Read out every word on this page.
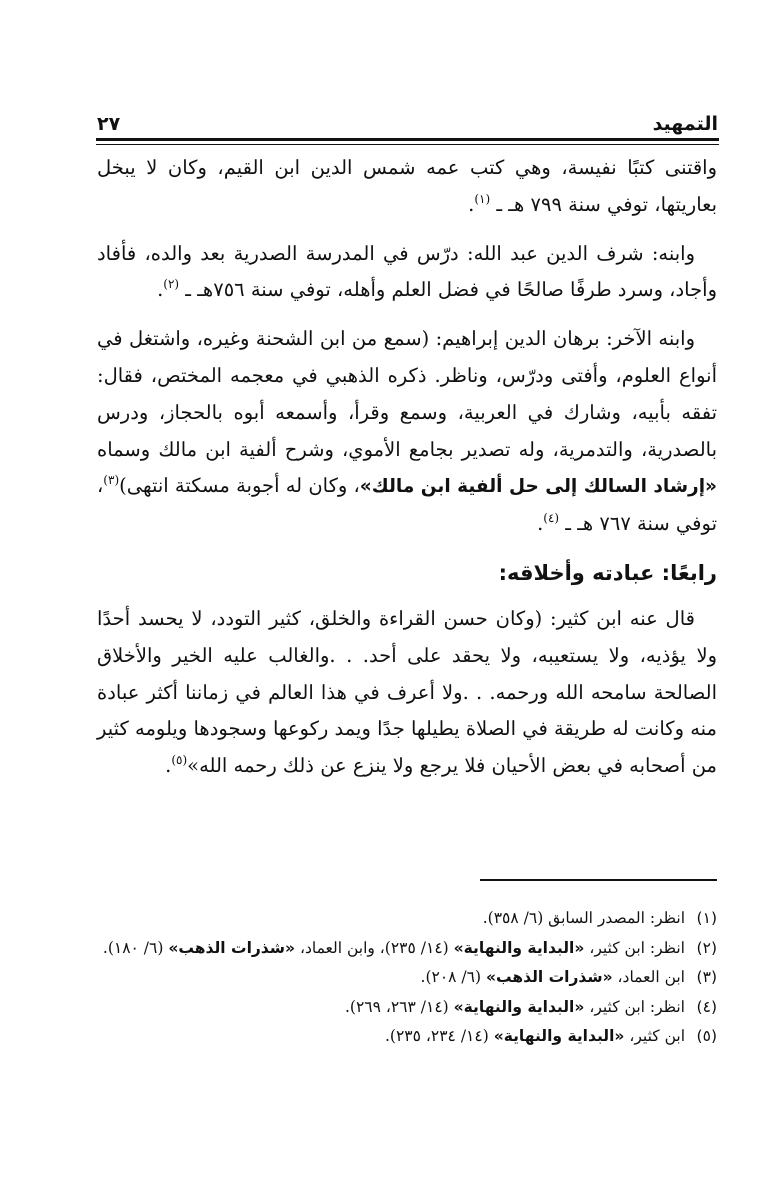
التمهيد
٢٧

واقتنى كتبًا نفيسة، وهي كتب عمه شمس الدين ابن القيم، وكان لا يبخل بعاريتها، توفي سنة ٧٩٩ هـ ـ $^{(١)}$.

وابنه: شرف الدين عبد الله: درّس في المدرسة الصدرية بعد والده، فأفاد وأجاد، وسرد طرفًا صالحًا في فضل العلم وأهله، توفي سنة ٧٥٦هـ ـ $^{(٢)}$.

وابنه الآخر: برهان الدين إبراهيم: (سمع من ابن الشحنة وغيره، واشتغل في أنواع العلوم، وأفتى ودرّس، وناظر. ذكره الذهبي في معجمه المختص، فقال: تفقه بأبيه، وشارك في العربية، وسمع وقرأ، وأسمعه أبوه بالحجاز، ودرس بالصدرية، والتدمرية، وله تصدير بجامع الأموي، وشرح ألفية ابن مالك وسماه «إرشاد السالك إلى حل ألفية ابن مالك»، وكان له أجوبة مسكتة انتهى)$^{(٣)}$، توفي سنة ٧٦٧ هـ ـ $^{(٤)}$.

رابعًا: عبادته وأخلاقه:

قال عنه ابن كثير: (وكان حسن القراءة والخلق، كثير التودد، لا يحسد أحدًا ولا يؤذيه، ولا يستعيبه، ولا يحقد على أحد. . .والغالب عليه الخير والأخلاق الصالحة سامحه الله ورحمه. . .ولا أعرف في هذا العالم في زماننا أكثر عبادة منه وكانت له طريقة في الصلاة يطيلها جدًا ويمد ركوعها وسجودها ويلومه كثير من أصحابه في بعض الأحيان فلا يرجع ولا ينزع عن ذلك رحمه الله»$^{(٥)}$.

(١)
انظر: المصدر السابق (٦/ ٣٥٨).
(٢)
انظر: ابن كثير، «البداية والنهاية» (١٤/ ٢٣٥)، وابن العماد، «شذرات الذهب» (٦/ ١٨٠).
(٣)
ابن العماد، «شذرات الذهب» (٦/ ٢٠٨).
(٤)
انظر: ابن كثير، «البداية والنهاية» (١٤/ ٢٦٣، ٢٦٩).
(٥)
ابن كثير، «البداية والنهاية» (١٤/ ٢٣٤، ٢٣٥).
